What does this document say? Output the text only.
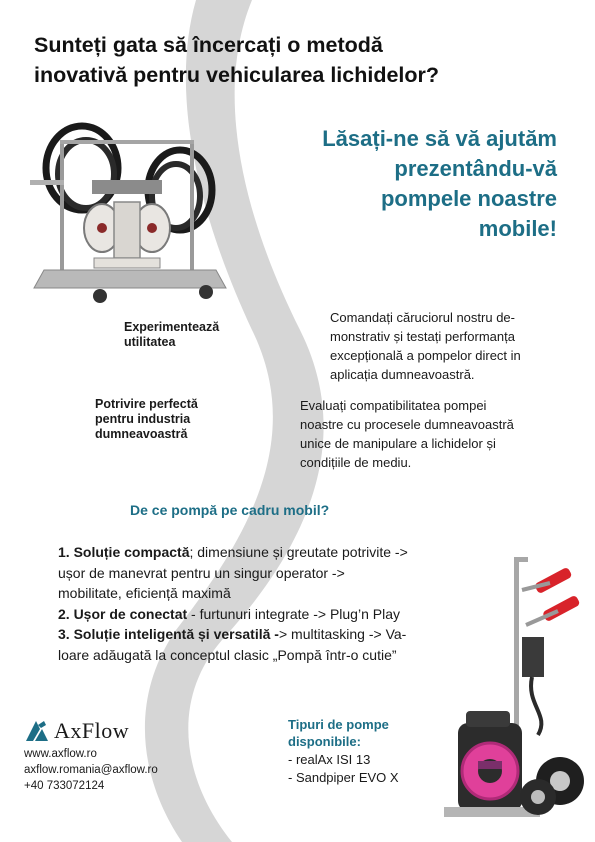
Sunteți gata să încercați o metodă
inovativă pentru vehicularea lichidelor?
Lăsați-ne să vă ajutăm
prezentându-vă
pompele noastre
mobile!
Experimentează
utilitatea
Comandați căruciorul nostru de-
monstrativ și testați performanța
excepțională a pompelor direct in
aplicația dumneavoastră.
Potrivire perfectă
pentru industria
dumneavoastră
Evaluați compatibilitatea pompei
noastre cu procesele dumneavoastră
unice de manipulare a lichidelor și
condițiile de mediu.
De ce pompă pe cadru mobil?
1. Soluție compactă; dimensiune și greutate potrivite ->
ușor de manevrat pentru un singur operator ->
mobilitate, eficiență maximă
2. Ușor de conectat - furtunuri integrate -> Plug’n Play
3. Soluție inteligentă și versatilă -> multitasking -> Va-
loare adăugată la conceptul clasic „Pompă într-o cutie”
AxFlow
www.axflow.ro
axflow.romania@axflow.ro
+40 733072124
Tipuri de pompe
disponibile:
- realAx ISI 13
- Sandpiper EVO X
